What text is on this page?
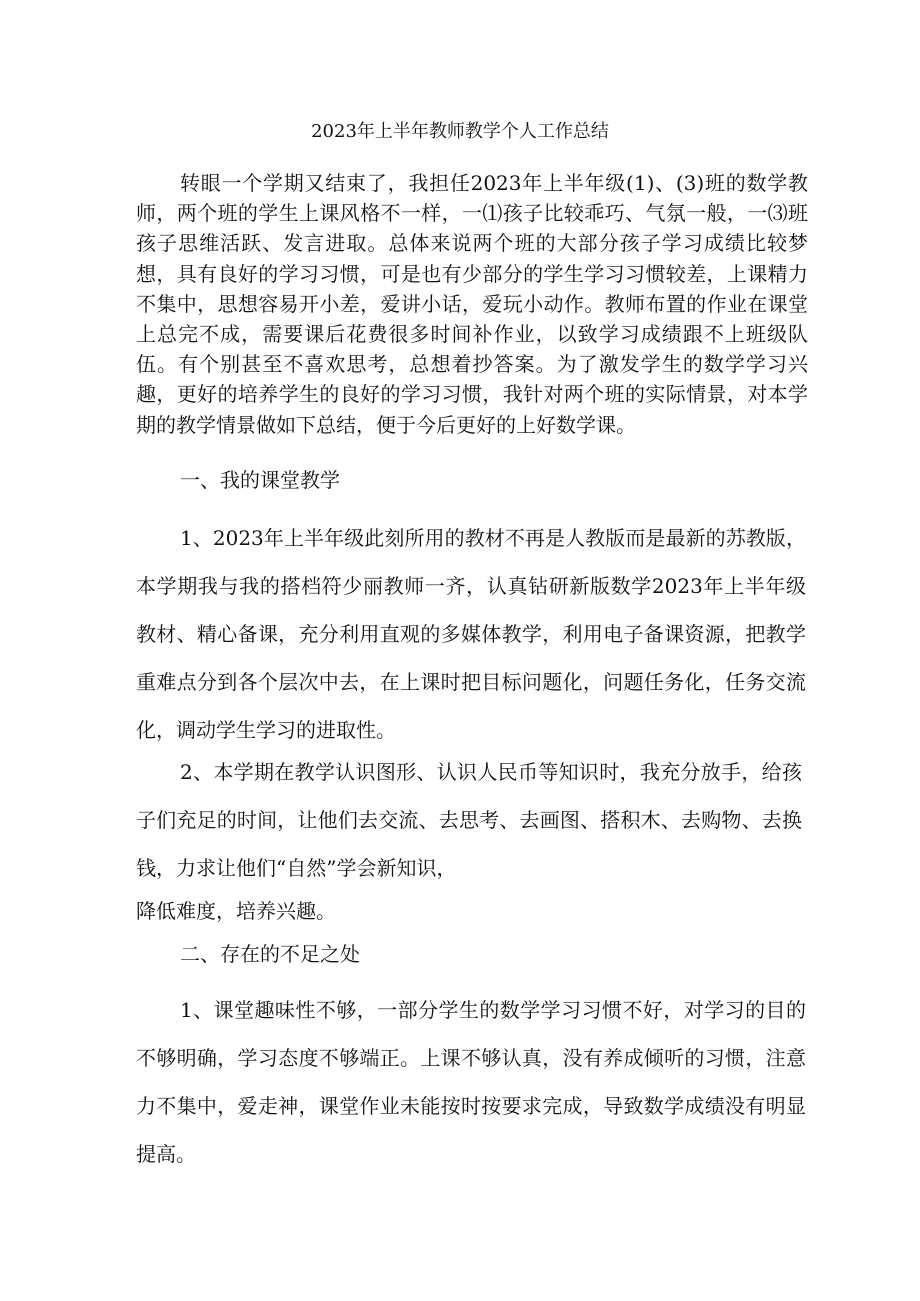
2023年上半年教师教学个人工作总结

转眼一个学期又结束了，我担任2023年上半年级(1)、(3)班的数学教师，两个班的学生上课风格不一样，一⑴孩子比较乖巧、气氛一般，一⑶班孩子思维活跃、发言进取。总体来说两个班的大部分孩子学习成绩比较梦想，具有良好的学习习惯，可是也有少部分的学生学习习惯较差，上课精力不集中，思想容易开小差，爱讲小话，爱玩小动作。教师布置的作业在课堂上总完不成，需要课后花费很多时间补作业，以致学习成绩跟不上班级队伍。有个别甚至不喜欢思考，总想着抄答案。为了激发学生的数学学习兴趣，更好的培养学生的良好的学习习惯，我针对两个班的实际情景，对本学期的教学情景做如下总结，便于今后更好的上好数学课。

一、我的课堂教学

1、2023年上半年级此刻所用的教材不再是人教版而是最新的苏教版，本学期我与我的搭档符少丽教师一齐，认真钻研新版数学2023年上半年级教材、精心备课，充分利用直观的多媒体教学，利用电子备课资源，把教学重难点分到各个层次中去，在上课时把目标问题化，问题任务化，任务交流化，调动学生学习的进取性。

2、本学期在教学认识图形、认识人民币等知识时，我充分放手，给孩子们充足的时间，让他们去交流、去思考、去画图、搭积木、去购物、去换钱，力求让他们“自然”学会新知识，

降低难度，培养兴趣。

二、存在的不足之处

1、课堂趣味性不够，一部分学生的数学学习习惯不好，对学习的目的不够明确，学习态度不够端正。上课不够认真，没有养成倾听的习惯，注意力不集中，爱走神，课堂作业未能按时按要求完成，导致数学成绩没有明显提高。
